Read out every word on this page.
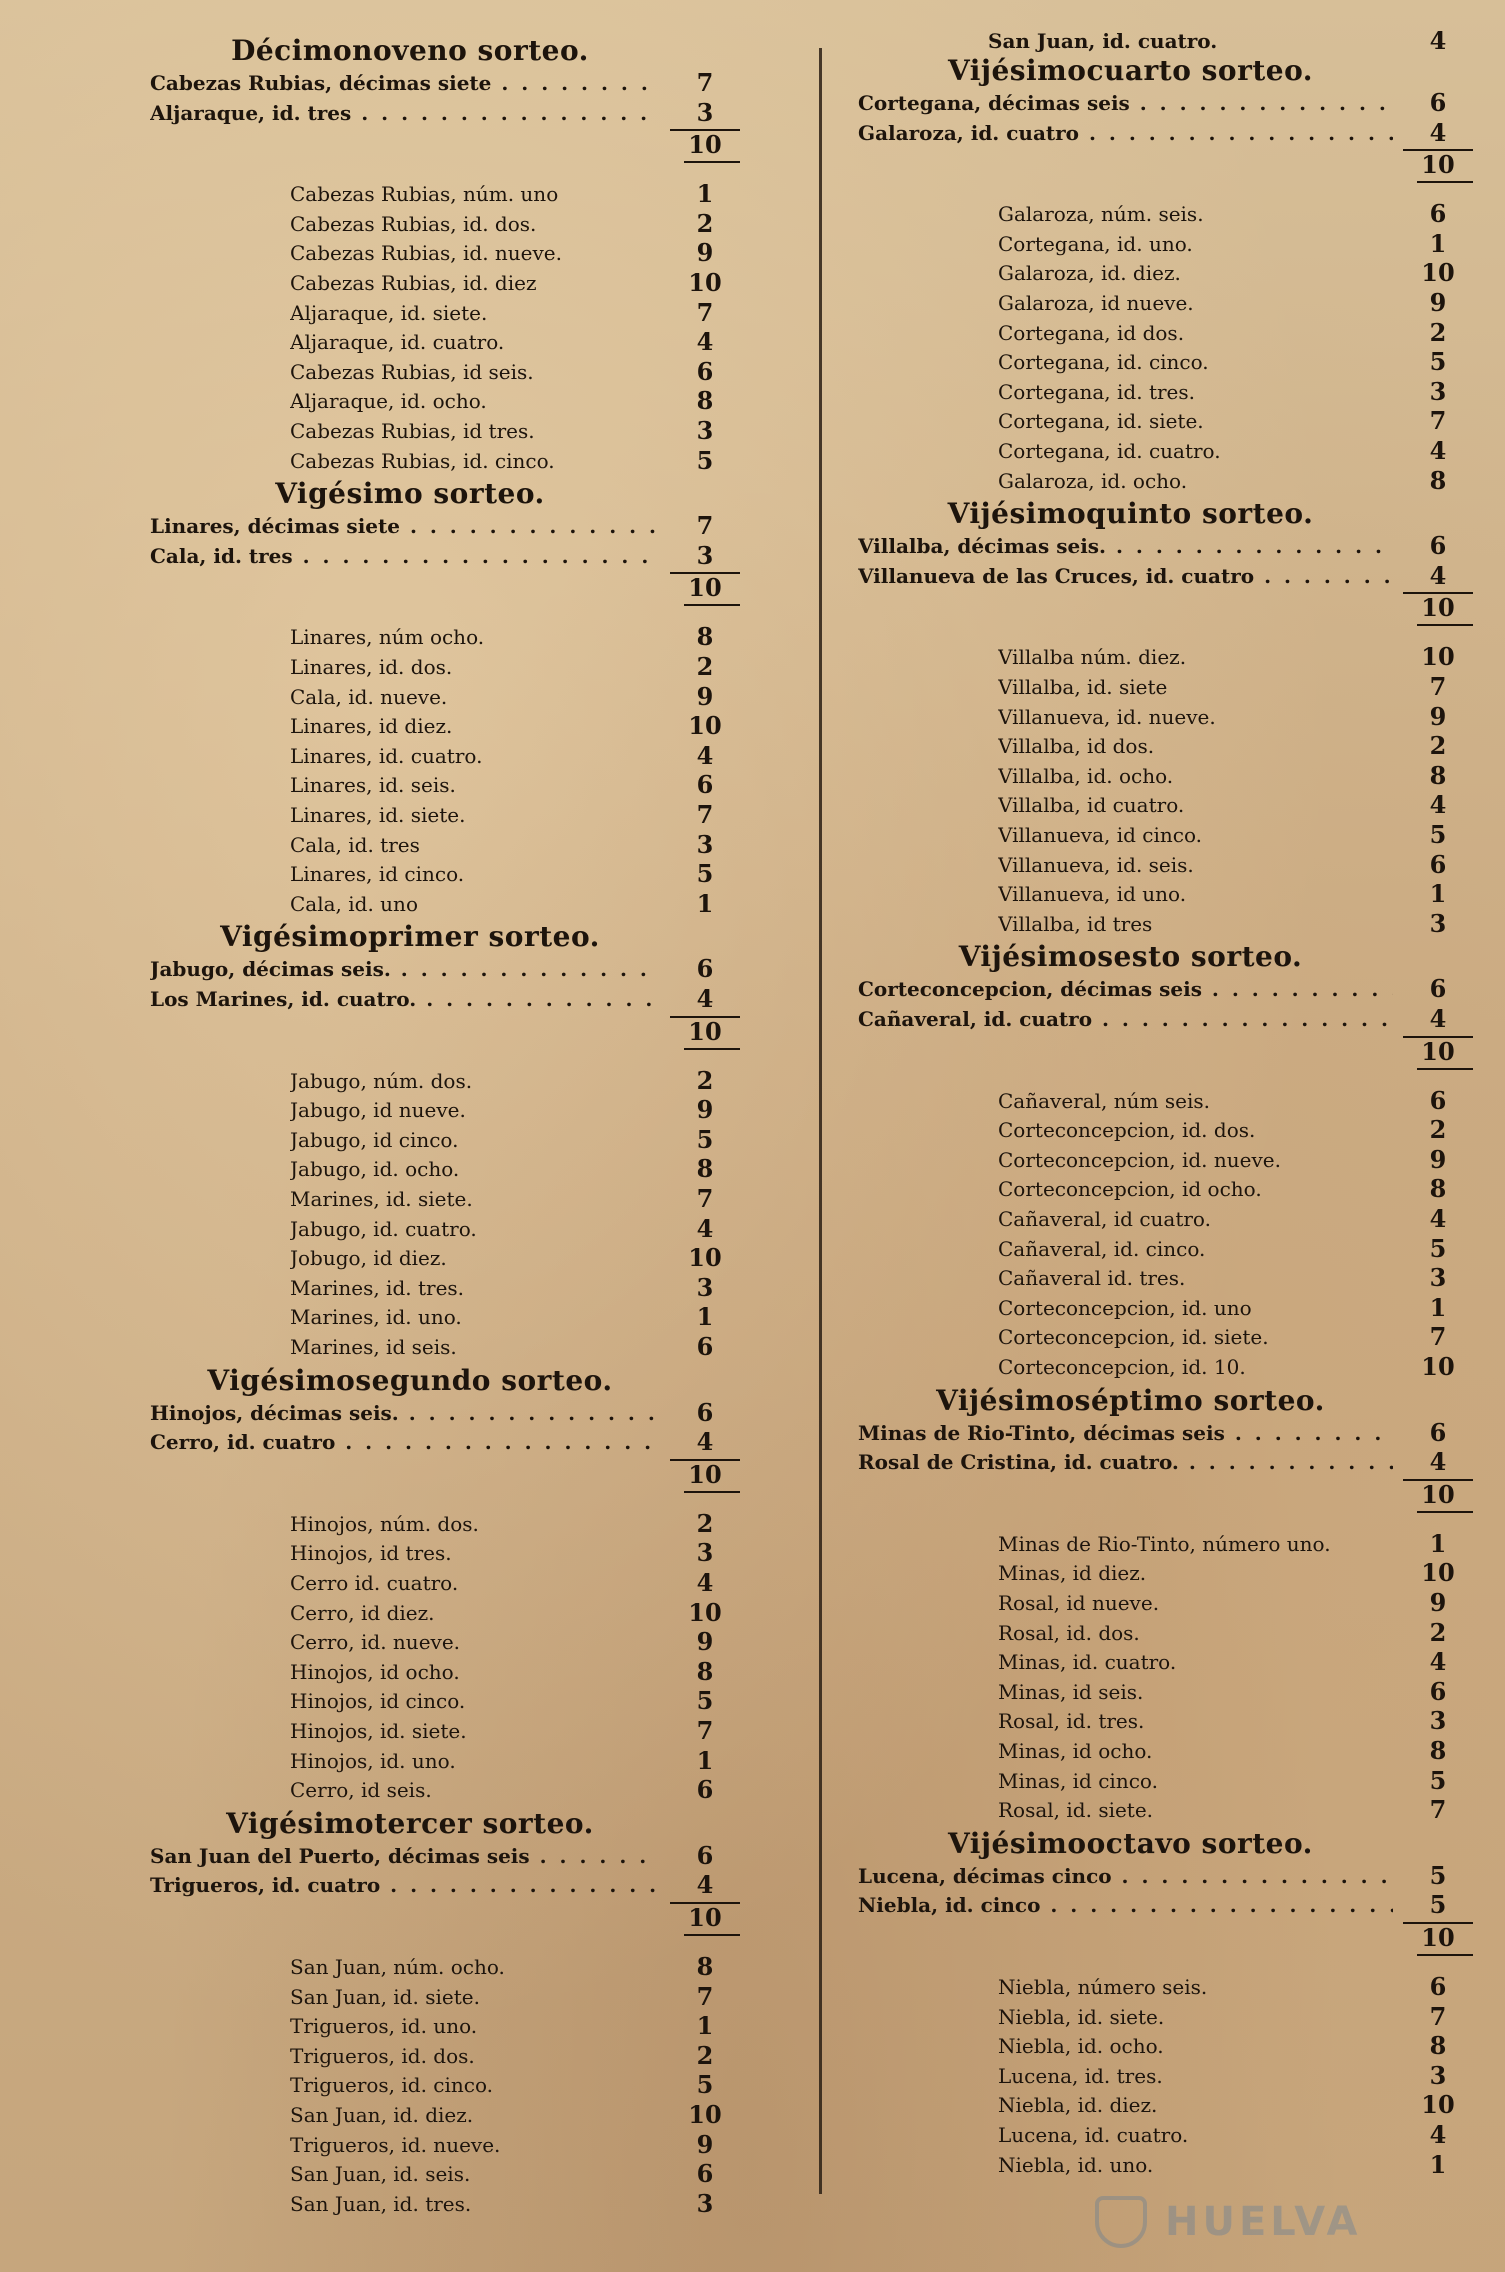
Décimonoveno sorteo.
Cabezas Rubias, décimas siete . . .	7
Aljaraque, id. tres . . .	3
10
Cabezas Rubias, núm. uno	1
Cabezas Rubias, id. dos.	2
Cabezas Rubias, id. nueve.	9
Cabezas Rubias, id. diez	10
Aljaraque, id. siete.	7
Aljaraque, id. cuatro.	4
Cabezas Rubias, id seis.	6
Aljaraque, id. ocho.	8
Cabezas Rubias, id tres.	3
Cabezas Rubias, id. cinco.	5
Vigésimo sorteo.
Linares, décimas siete . . .	7
Cala, id. tres . . .	3
10
Linares, núm ocho.	8
Linares, id. dos.	2
Cala, id. nueve.	9
Linares, id diez.	10
Linares, id. cuatro.	4
Linares, id. seis.	6
Linares, id. siete.	7
Cala, id. tres	3
Linares, id cinco.	5
Cala, id. uno	1
Vigésimoprimer sorteo.
Jabugo, décimas seis. . . .	6
Los Marines, id. cuatro. . . .	4
10
Jabugo, núm. dos.	2
Jabugo, id nueve.	9
Jabugo, id cinco.	5
Jabugo, id. ocho.	8
Marines, id. siete.	7
Jabugo, id. cuatro.	4
Jobugo, id diez.	10
Marines, id. tres.	3
Marines, id. uno.	1
Marines, id seis.	6
Vigésimosegundo sorteo.
Hinojos, décimas seis. . . .	6
Cerro, id. cuatro . . .	4
10
Hinojos, núm. dos.	2
Hinojos, id tres.	3
Cerro id. cuatro.	4
Cerro, id diez.	10
Cerro, id. nueve.	9
Hinojos, id ocho.	8
Hinojos, id cinco.	5
Hinojos, id. siete.	7
Hinojos, id. uno.	1
Cerro, id seis.	6
Vigésimotercer sorteo.
San Juan del Puerto, décimas seis . . .	6
Trigueros, id. cuatro . . .	4
10
San Juan, núm. ocho.	8
San Juan, id. siete.	7
Trigueros, id. uno.	1
Trigueros, id. dos.	2
Trigueros, id. cinco.	5
San Juan, id. diez.	10
Trigueros, id. nueve.	9
San Juan, id. seis.	6
San Juan, id. tres.	3
San Juan, id. cuatro.	4
Vijésimocuarto sorteo.
Cortegana, décimas seis . . .	6
Galaroza, id. cuatro . . .	4
10
Galaroza, núm. seis.	6
Cortegana, id. uno.	1
Galaroza, id. diez.	10
Galaroza, id nueve.	9
Cortegana, id dos.	2
Cortegana, id. cinco.	5
Cortegana, id. tres.	3
Cortegana, id. siete.	7
Cortegana, id. cuatro.	4
Galaroza, id. ocho.	8
Vijésimoquinto sorteo.
Villalba, décimas seis. . . .	6
Villanueva de las Cruces, id. cuatro . . .	4
10
Villalba núm. diez.	10
Villalba, id. siete	7
Villanueva, id. nueve.	9
Villalba, id dos.	2
Villalba, id. ocho.	8
Villalba, id cuatro.	4
Villanueva, id cinco.	5
Villanueva, id. seis.	6
Villanueva, id uno.	1
Villalba, id tres	3
Vijésimosesto sorteo.
Corteconcepcion, décimas seis . . .	6
Cañaveral, id. cuatro . . .	4
10
Cañaveral, núm seis.	6
Corteconcepcion, id. dos.	2
Corteconcepcion, id. nueve.	9
Corteconcepcion, id ocho.	8
Cañaveral, id cuatro.	4
Cañaveral, id. cinco.	5
Cañaveral id. tres.	3
Corteconcepcion, id. uno	1
Corteconcepcion, id. siete.	7
Corteconcepcion, id. 10.	10
Vijésimoséptimo sorteo.
Minas de Rio-Tinto, décimas seis . . .	6
Rosal de Cristina, id. cuatro. . . .	4
10
Minas de Rio-Tinto, número uno.	1
Minas, id diez.	10
Rosal, id nueve.	9
Rosal, id. dos.	2
Minas, id. cuatro.	4
Minas, id seis.	6
Rosal, id. tres.	3
Minas, id ocho.	8
Minas, id cinco.	5
Rosal, id. siete.	7
Vijésimooctavo sorteo.
Lucena, décimas cinco . . .	5
Niebla, id. cinco . . .	5
10
Niebla, número seis.	6
Niebla, id. siete.	7
Niebla, id. ocho.	8
Lucena, id. tres.	3
Niebla, id. diez.	10
Lucena, id. cuatro.	4
Niebla, id. uno.	1
HUELVA
